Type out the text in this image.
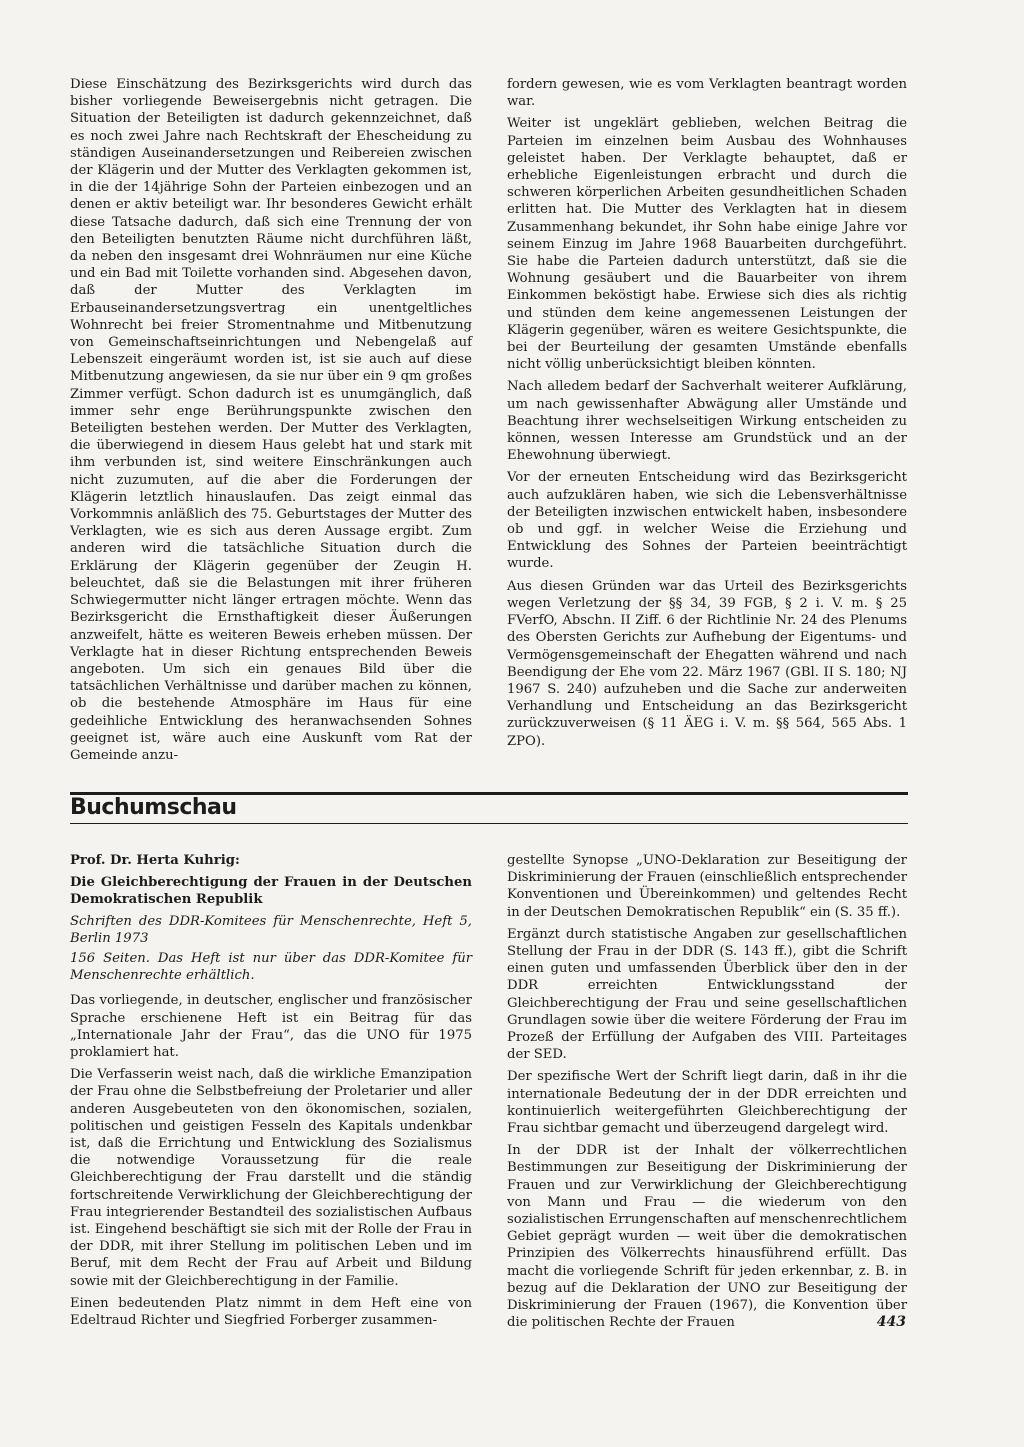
Diese Einschätzung des Bezirksgerichts wird durch das bisher vorliegende Beweisergebnis nicht getragen. Die Situation der Beteiligten ist dadurch gekennzeichnet, daß es noch zwei Jahre nach Rechtskraft der Ehescheidung zu ständigen Auseinandersetzungen und Reibereien zwischen der Klägerin und der Mutter des Verklagten gekommen ist, in die der 14jährige Sohn der Parteien einbezogen und an denen er aktiv beteiligt war. Ihr besonderes Gewicht erhält diese Tatsache dadurch, daß sich eine Trennung der von den Beteiligten benutzten Räume nicht durchführen läßt, da neben den insgesamt drei Wohnräumen nur eine Küche und ein Bad mit Toilette vorhanden sind. Abgesehen davon, daß der Mutter des Verklagten im Erbauseinandersetzungsvertrag ein unentgeltliches Wohnrecht bei freier Stromentnahme und Mitbenutzung von Gemeinschaftseinrichtungen und Nebengelaß auf Lebenszeit eingeräumt worden ist, ist sie auch auf diese Mitbenutzung angewiesen, da sie nur über ein 9 qm großes Zimmer verfügt. Schon dadurch ist es unumgänglich, daß immer sehr enge Berührungspunkte zwischen den Beteiligten bestehen werden. Der Mutter des Verklagten, die überwiegend in diesem Haus gelebt hat und stark mit ihm verbunden ist, sind weitere Einschränkungen auch nicht zuzumuten, auf die aber die Forderungen der Klägerin letztlich hinauslaufen. Das zeigt einmal das Vorkommnis anläßlich des 75. Geburtstages der Mutter des Verklagten, wie es sich aus deren Aussage ergibt. Zum anderen wird die tatsächliche Situation durch die Erklärung der Klägerin gegenüber der Zeugin H. beleuchtet, daß sie die Belastungen mit ihrer früheren Schwiegermutter nicht länger ertragen möchte. Wenn das Bezirksgericht die Ernsthaftigkeit dieser Äußerungen anzweifelt, hätte es weiteren Beweis erheben müssen. Der Verklagte hat in dieser Richtung entsprechenden Beweis angeboten. Um sich ein genaues Bild über die tatsächlichen Verhältnisse und darüber machen zu können, ob die bestehende Atmosphäre im Haus für eine gedeihliche Entwicklung des heranwachsenden Sohnes geeignet ist, wäre auch eine Auskunft vom Rat der Gemeinde anzu-

fordern gewesen, wie es vom Verklagten beantragt worden war.

Weiter ist ungeklärt geblieben, welchen Beitrag die Parteien im einzelnen beim Ausbau des Wohnhauses geleistet haben. Der Verklagte behauptet, daß er erhebliche Eigenleistungen erbracht und durch die schweren körperlichen Arbeiten gesundheitlichen Schaden erlitten hat. Die Mutter des Verklagten hat in diesem Zusammenhang bekundet, ihr Sohn habe einige Jahre vor seinem Einzug im Jahre 1968 Bauarbeiten durchgeführt. Sie habe die Parteien dadurch unterstützt, daß sie die Wohnung gesäubert und die Bauarbeiter von ihrem Einkommen beköstigt habe. Erwiese sich dies als richtig und stünden dem keine angemessenen Leistungen der Klägerin gegenüber, wären es weitere Gesichtspunkte, die bei der Beurteilung der gesamten Umstände ebenfalls nicht völlig unberücksichtigt bleiben könnten.

Nach alledem bedarf der Sachverhalt weiterer Aufklärung, um nach gewissenhafter Abwägung aller Umstände und Beachtung ihrer wechselseitigen Wirkung entscheiden zu können, wessen Interesse am Grundstück und an der Ehewohnung überwiegt.

Vor der erneuten Entscheidung wird das Bezirksgericht auch aufzuklären haben, wie sich die Lebensverhältnisse der Beteiligten inzwischen entwickelt haben, insbesondere ob und ggf. in welcher Weise die Erziehung und Entwicklung des Sohnes der Parteien beeinträchtigt wurde.

Aus diesen Gründen war das Urteil des Bezirksgerichts wegen Verletzung der §§ 34, 39 FGB, § 2 i. V. m. § 25 FVerfO, Abschn. II Ziff. 6 der Richtlinie Nr. 24 des Plenums des Obersten Gerichts zur Aufhebung der Eigentums- und Vermögensgemeinschaft der Ehegatten während und nach Beendigung der Ehe vom 22. März 1967 (GBl. II S. 180; NJ 1967 S. 240) aufzuheben und die Sache zur anderweiten Verhandlung und Entscheidung an das Bezirksgericht zurückzuverweisen (§ 11 ÄEG i. V. m. §§ 564, 565 Abs. 1 ZPO).

Buchumschau

Prof. Dr. Herta Kuhrig:

Die Gleichberechtigung der Frauen in der Deutschen Demokratischen Republik

Schriften des DDR-Komitees für Menschenrechte, Heft 5, Berlin 1973

156 Seiten. Das Heft ist nur über das DDR-Komitee für Menschenrechte erhältlich.

Das vorliegende, in deutscher, englischer und französischer Sprache erschienene Heft ist ein Beitrag für das „Internationale Jahr der Frau“, das die UNO für 1975 proklamiert hat.

Die Verfasserin weist nach, daß die wirkliche Emanzipation der Frau ohne die Selbstbefreiung der Proletarier und aller anderen Ausgebeuteten von den ökonomischen, sozialen, politischen und geistigen Fesseln des Kapitals undenkbar ist, daß die Errichtung und Entwicklung des Sozialismus die notwendige Voraussetzung für die reale Gleichberechtigung der Frau darstellt und die ständig fortschreitende Verwirklichung der Gleichberechtigung der Frau integrierender Bestandteil des sozialistischen Aufbaus ist. Eingehend beschäftigt sie sich mit der Rolle der Frau in der DDR, mit ihrer Stellung im politischen Leben und im Beruf, mit dem Recht der Frau auf Arbeit und Bildung sowie mit der Gleichberechtigung in der Familie.

Einen bedeutenden Platz nimmt in dem Heft eine von Edeltraud Richter und Siegfried Forberger zusammen-

gestellte Synopse „UNO-Deklaration zur Beseitigung der Diskriminierung der Frauen (einschließlich entsprechender Konventionen und Übereinkommen) und geltendes Recht in der Deutschen Demokratischen Republik“ ein (S. 35 ff.).

Ergänzt durch statistische Angaben zur gesellschaftlichen Stellung der Frau in der DDR (S. 143 ff.), gibt die Schrift einen guten und umfassenden Überblick über den in der DDR erreichten Entwicklungsstand der Gleichberechtigung der Frau und seine gesellschaftlichen Grundlagen sowie über die weitere Förderung der Frau im Prozeß der Erfüllung der Aufgaben des VIII. Parteitages der SED.

Der spezifische Wert der Schrift liegt darin, daß in ihr die internationale Bedeutung der in der DDR erreichten und kontinuierlich weitergeführten Gleichberechtigung der Frau sichtbar gemacht und überzeugend dargelegt wird.

In der DDR ist der Inhalt der völkerrechtlichen Bestimmungen zur Beseitigung der Diskriminierung der Frauen und zur Verwirklichung der Gleichberechtigung von Mann und Frau — die wiederum von den sozialistischen Errungenschaften auf menschenrechtlichem Gebiet geprägt wurden — weit über die demokratischen Prinzipien des Völkerrechts hinausführend erfüllt. Das macht die vorliegende Schrift für jeden erkennbar, z. B. in bezug auf die Deklaration der UNO zur Beseitigung der Diskriminierung der Frauen (1967), die Konvention über die politischen Rechte der Frauen	443
